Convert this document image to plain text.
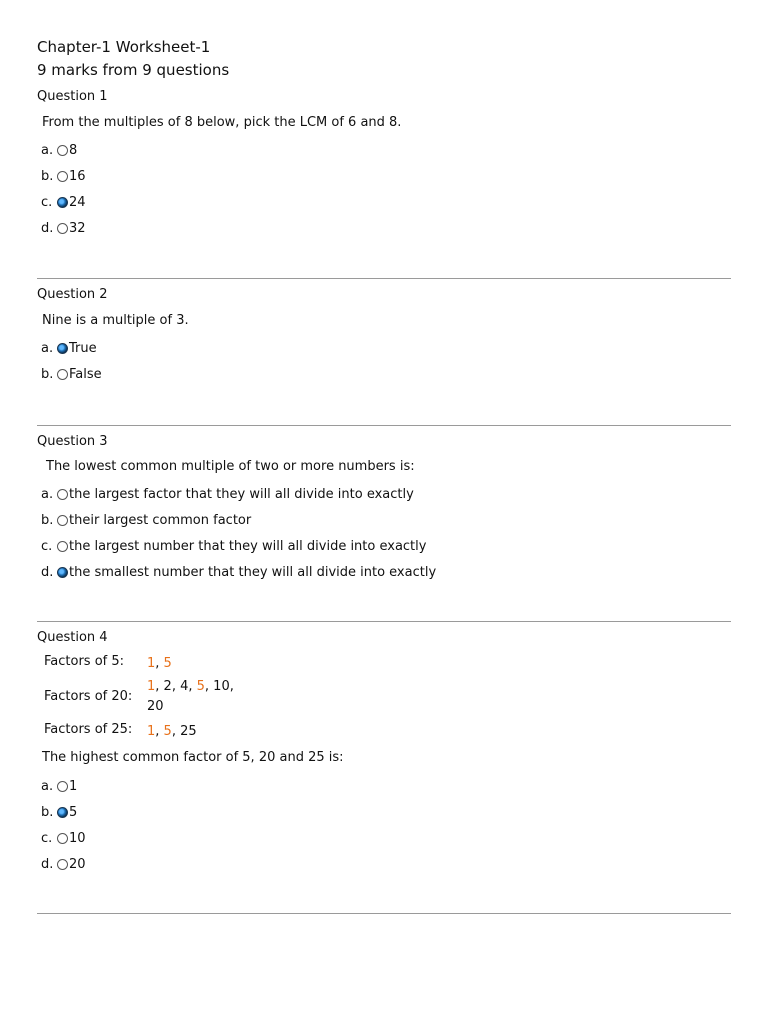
Chapter-1 Worksheet-1
9 marks from 9 questions
Question 1
From the multiples of 8 below, pick the LCM of 6 and 8.
a. 8
b. 16
c.	24
d. 32
Question 2
Nine is a multiple of 3.
a. True
b. False
Question 3
The lowest common multiple of two or more numbers is:
a. the largest factor that they will all divide into exactly
b. their largest common factor
c.	the largest number that they will all divide into exactly
d. the smallest number that they will all divide into exactly
Question 4
Factors of 5: 1, 5
Factors of 20:
1, 2, 4, 5, 10, 20
Factors of 25: 1, 5, 25
The highest common factor of 5, 20 and 25 is:
a. 1
b. 5
c.	10
d. 20
